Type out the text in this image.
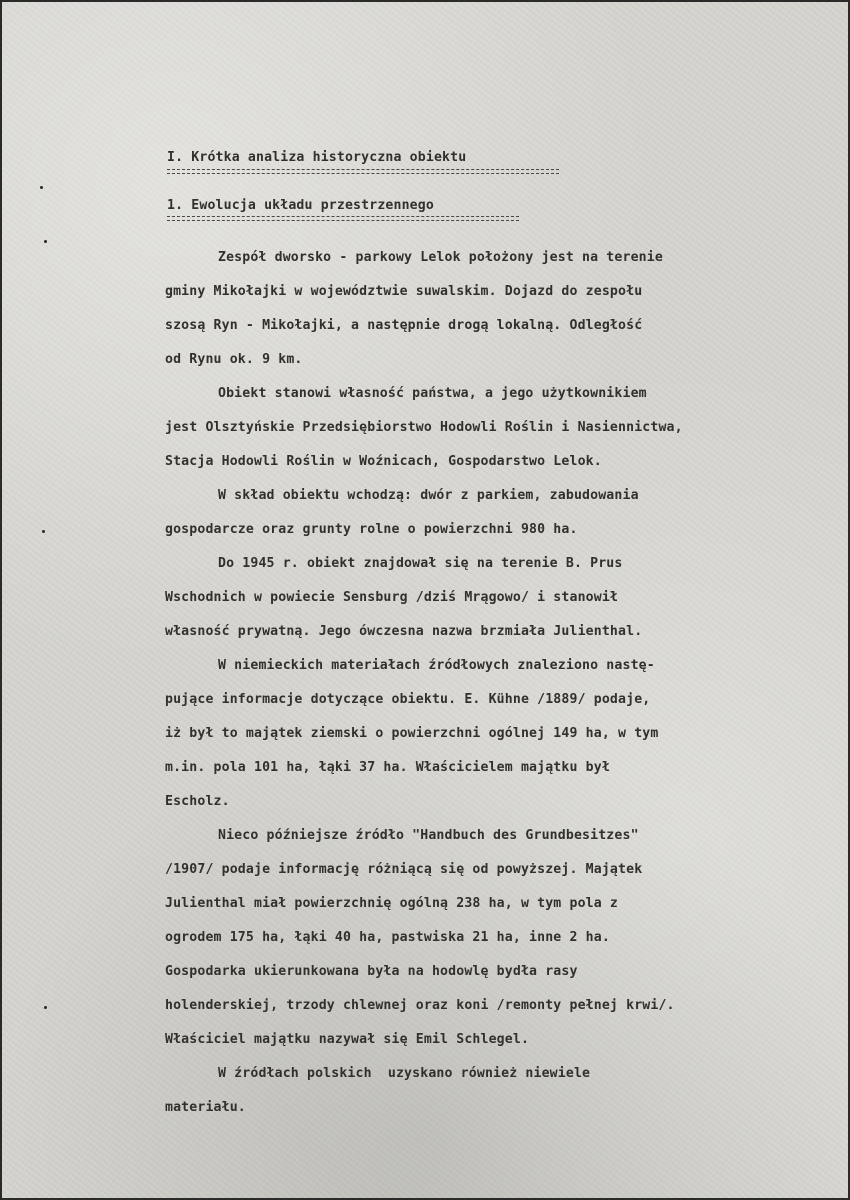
I. Krótka analiza historyczna obiektu

1. Ewolucja układu przestrzennego

Zespół dworsko - parkowy Lelok położony jest na terenie

gminy Mikołajki w województwie suwalskim. Dojazd do zespołu

szosą Ryn - Mikołajki, a następnie drogą lokalną. Odległość

od Rynu ok. 9 km.

Obiekt stanowi własność państwa, a jego użytkownikiem

jest Olsztyńskie Przedsiębiorstwo Hodowli Roślin i Nasiennictwa,

Stacja Hodowli Roślin w Woźnicach, Gospodarstwo Lelok.

W skład obiektu wchodzą: dwór z parkiem, zabudowania

gospodarcze oraz grunty rolne o powierzchni 980 ha.

Do 1945 r. obiekt znajdował się na terenie B. Prus

Wschodnich w powiecie Sensburg /dziś Mrągowo/ i stanowił

własność prywatną. Jego ówczesna nazwa brzmiała Julienthal.

W niemieckich materiałach źródłowych znaleziono nastę-

pujące informacje dotyczące obiektu. E. Kühne /1889/ podaje,

iż był to majątek ziemski o powierzchni ogólnej 149 ha, w tym

m.in. pola 101 ha, łąki 37 ha. Właścicielem majątku był

Escholz.

Nieco późniejsze źródło "Handbuch des Grundbesitzes"

/1907/ podaje informację różniącą się od powyższej. Majątek

Julienthal miał powierzchnię ogólną 238 ha, w tym pola z

ogrodem 175 ha, łąki 40 ha, pastwiska 21 ha, inne 2 ha.

Gospodarka ukierunkowana była na hodowlę bydła rasy

holenderskiej, trzody chlewnej oraz koni /remonty pełnej krwi/.

Właściciel majątku nazywał się Emil Schlegel.

W źródłach polskich  uzyskano również niewiele

materiału.
